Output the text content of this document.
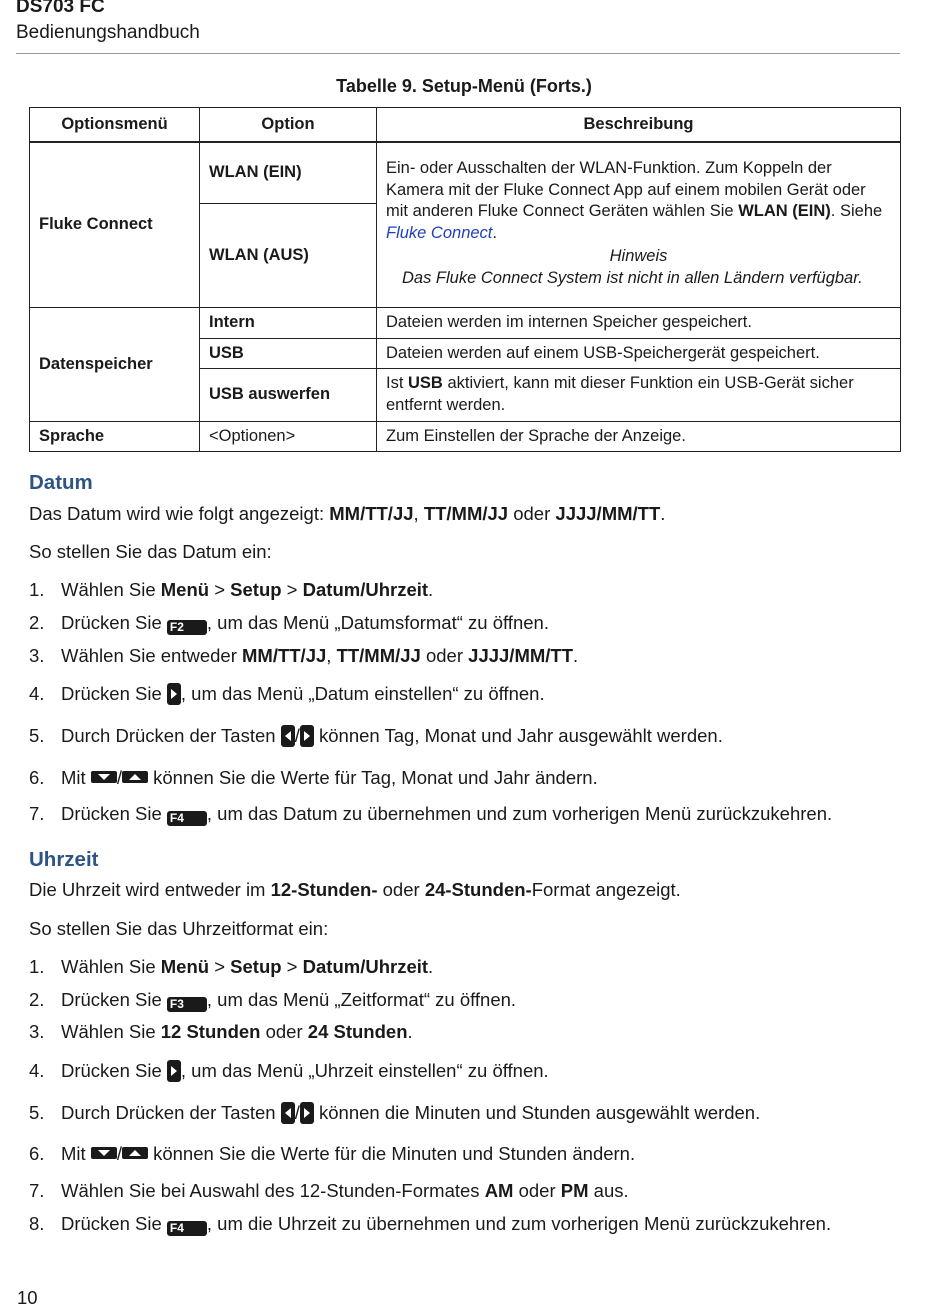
DS703 FC
Bedienungshandbuch
Tabelle 9. Setup-Menü (Forts.)
Optionsmenü	Option	Beschreibung
Fluke Connect	WLAN (EIN)	Ein- oder Ausschalten der WLAN-Funktion. Zum Koppeln der Kamera mit der Fluke Connect App auf einem mobilen Gerät oder mit anderen Fluke Connect Geräten wählen Sie WLAN (EIN). Siehe Fluke Connect.
Hinweis
Das Fluke Connect System ist nicht in allen Ländern verfügbar.

	WLAN (AUS)	
Datenspeicher	Intern	Dateien werden im internen Speicher gespeichert.
	USB	Dateien werden auf einem USB-Speichergerät gespeichert.
	USB auswerfen	Ist USB aktiviert, kann mit dieser Funktion ein USB-Gerät sicher entfernt werden.
Sprache	<Optionen>	Zum Einstellen der Sprache der Anzeige.
Datum

Das Datum wird wie folgt angezeigt: MM/TT/JJ, TT/MM/JJ oder JJJJ/MM/TT.

So stellen Sie das Datum ein:

1. Wählen Sie Menü > Setup > Datum/Uhrzeit.
2. Drücken Sie F2 , um das Menü „Datumsformat“ zu öffnen.
3. Wählen Sie entweder MM/TT/JJ, TT/MM/JJ oder JJJJ/MM/TT.
4. Drücken Sie
, um das Menü „Datum einstellen“ zu öffnen.
5. Durch Drücken der Tasten
/
können Tag, Monat und Jahr ausgewählt werden.
6. Mit
/
können Sie die Werte für Tag, Monat und Jahr ändern.
7. Drücken Sie F4 , um das Datum zu übernehmen und zum vorherigen Menü zurückzukehren.
Uhrzeit

Die Uhrzeit wird entweder im 12-Stunden- oder 24-Stunden-Format angezeigt.

So stellen Sie das Uhrzeitformat ein:

1. Wählen Sie Menü > Setup > Datum/Uhrzeit.
2. Drücken Sie F3 , um das Menü „Zeitformat“ zu öffnen.
3. Wählen Sie 12 Stunden oder 24 Stunden.
4. Drücken Sie
, um das Menü „Uhrzeit einstellen“ zu öffnen.
5. Durch Drücken der Tasten
/
können die Minuten und Stunden ausgewählt werden.
6. Mit
/
können Sie die Werte für die Minuten und Stunden ändern.
7. Wählen Sie bei Auswahl des 12-Stunden-Formates AM oder PM aus.
8. Drücken Sie F4 , um die Uhrzeit zu übernehmen und zum vorherigen Menü zurückzukehren.
10
